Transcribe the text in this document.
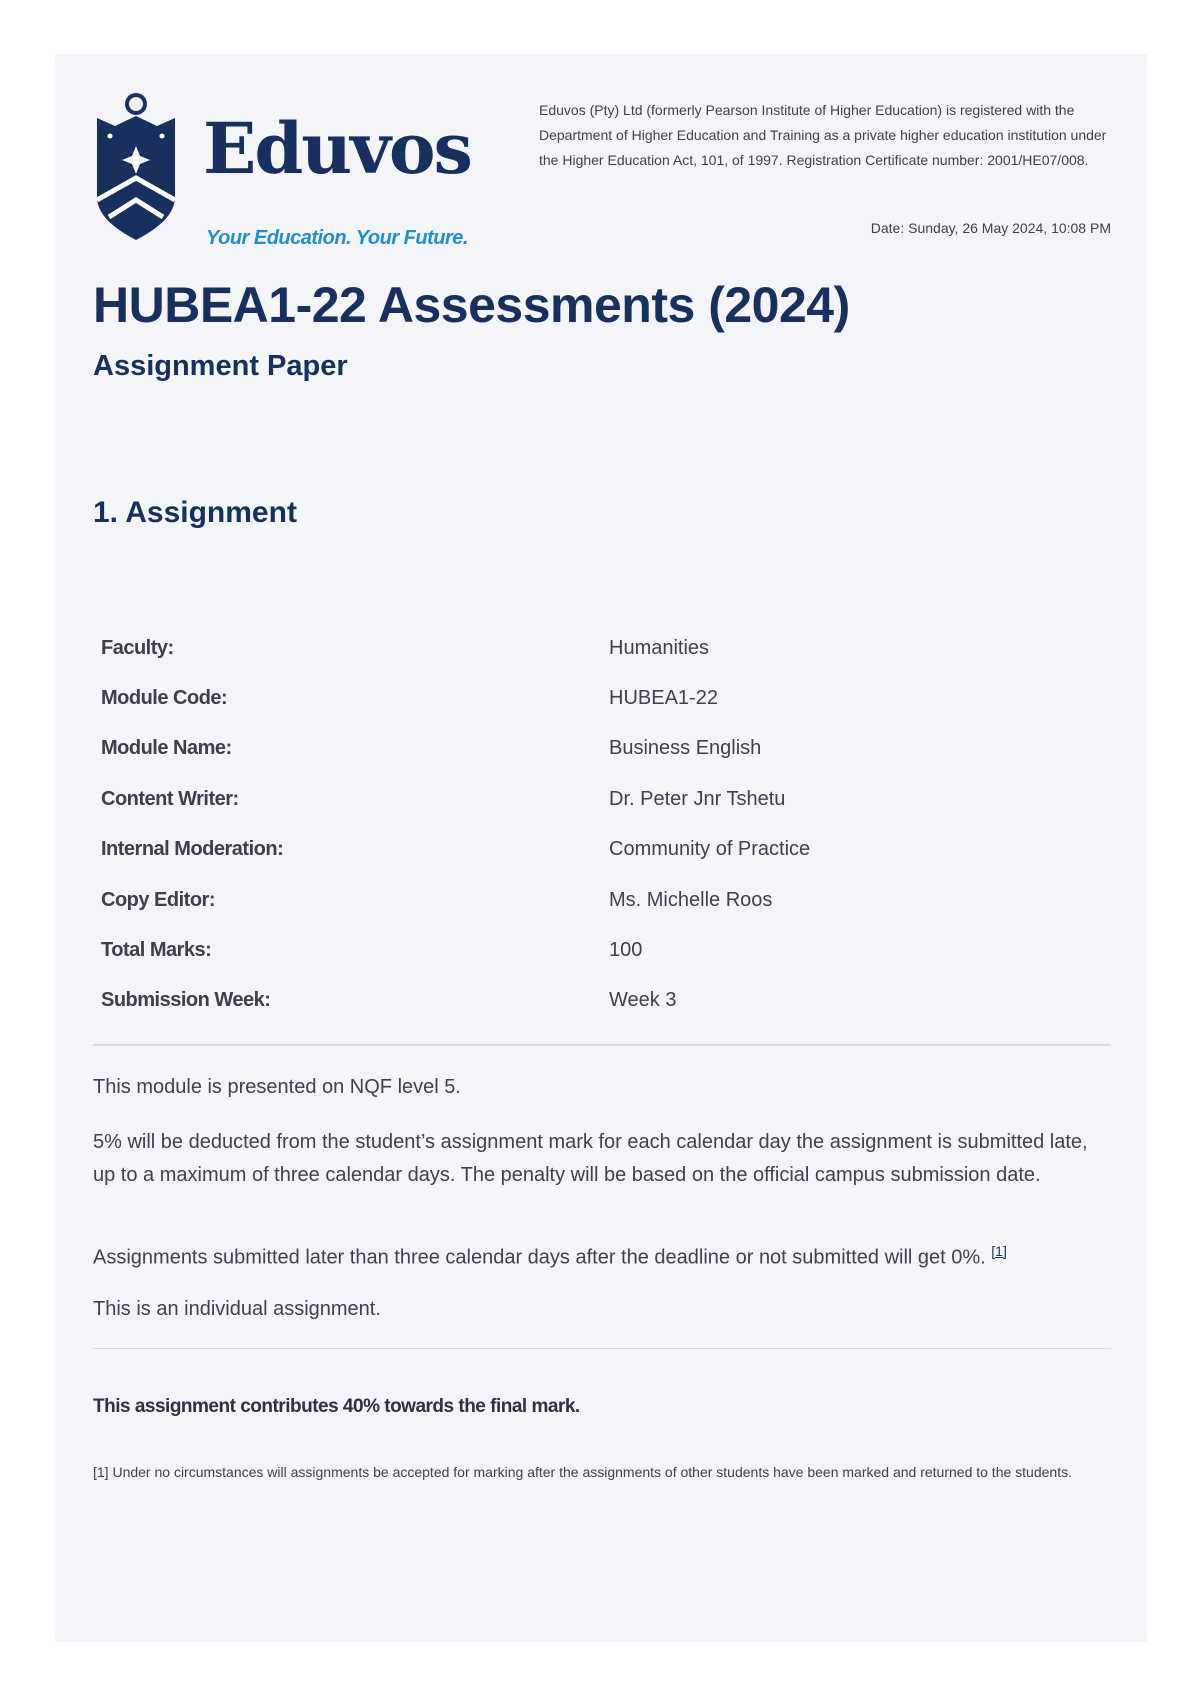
Eduvos
Your Education. Your Future.
Eduvos (Pty) Ltd (formerly Pearson Institute of Higher Education) is registered with the Department of Higher Education and Training as a private higher education institution under the Higher Education Act, 101, of 1997. Registration Certificate number: 2001/HE07/008.
Date: Sunday, 26 May 2024, 10:08 PM
HUBEA1-22 Assessments (2024)
Assignment Paper
1. Assignment
Faculty:	Humanities
Module Code:	HUBEA1-22
Module Name:	Business English
Content Writer:	Dr. Peter Jnr Tshetu
Internal Moderation:	Community of Practice
Copy Editor:	Ms. Michelle Roos
Total Marks:	100
Submission Week:	Week 3

This module is presented on NQF level 5.

5% will be deducted from the student’s assignment mark for each calendar day the assignment is submitted late, up to a maximum of three calendar days. The penalty will be based on the official campus submission date.

Assignments submitted later than three calendar days after the deadline or not submitted will get 0%. [1]

This is an individual assignment.

This assignment contributes 40% towards the final mark.

[1] Under no circumstances will assignments be accepted for marking after the assignments of other students have been marked and returned to the students.
